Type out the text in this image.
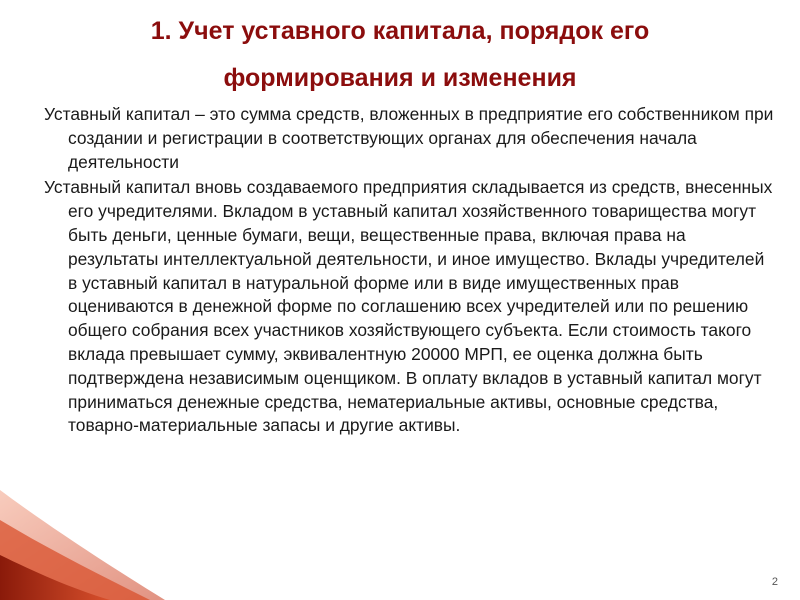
1. Учет уставного капитала, порядок его
формирования и изменения

Уставный капитал – это сумма средств, вложенных в предприятие его собственником при создании и регистрации в соответствующих органах для обеспечения начала деятельности

Уставный капитал вновь создаваемого предприятия складывается из средств, внесенных его учредителями. Вкладом в уставный капитал хозяйственного товарищества могут быть деньги, ценные бумаги, вещи, вещественные права, включая права на результаты интеллектуальной деятельности, и иное имущество. Вклады учредителей в уставный капитал в натуральной форме или в виде имущественных прав оцениваются в денежной форме по соглашению всех учредителей или по решению общего собрания всех участников хозяйствующего субъекта. Если стоимость такого вклада превышает сумму, эквивалентную 20000 МРП, ее оценка должна быть подтверждена независимым оценщиком. В оплату вкладов в уставный капитал могут приниматься денежные средства, нематериальные активы, основные средства, товарно-материальные запасы и другие активы.

2
